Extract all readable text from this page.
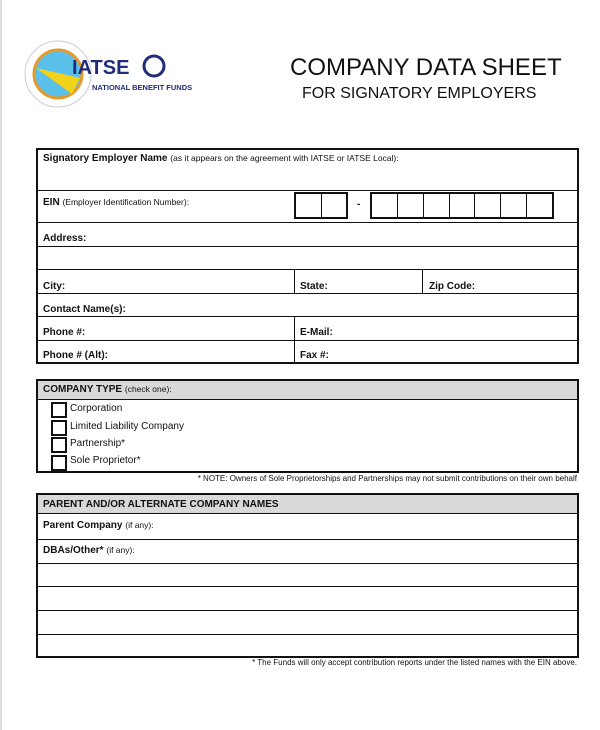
IATSE
NATIONAL BENEFIT FUNDS
COMPANY DATA SHEET
FOR SIGNATORY EMPLOYERS
Signatory Employer Name (as it appears on the agreement with IATSE or IATSE Local):
EIN (Employer Identification Number):
Address:
City:	State:	Zip Code:
Contact Name(s):
Phone #:	E-Mail:
Phone # (Alt):	Fax #:
-
COMPANY TYPE (check one):
Corporation
Limited Liability Company
Partnership*
Sole Proprietor*
* NOTE: Owners of Sole Proprietorships and Partnerships may not submit contributions on their own behalf
PARENT AND/OR ALTERNATE COMPANY NAMES
Parent Company (if any):
DBAs/Other* (if any):
* The Funds will only accept contribution reports under the listed names with the EIN above.
